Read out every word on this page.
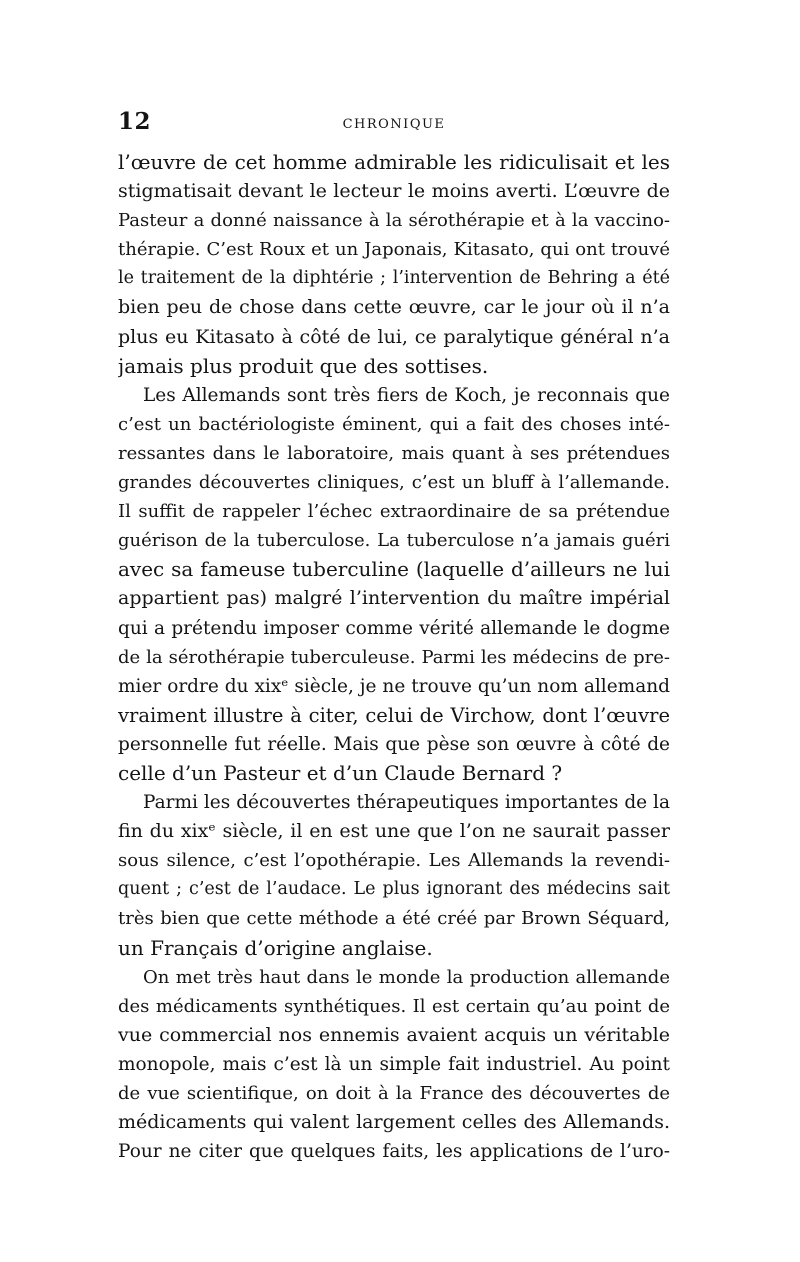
12	CHRONIQUE
l’œuvre de cet homme admirable les ridiculisait et les
stigmatisait devant le lecteur le moins averti. L’œuvre de
Pasteur a donné naissance à la sérothérapie et à la vaccino-
thérapie. C’est Roux et un Japonais, Kitasato, qui ont trouvé
le traitement de la diphtérie ; l’intervention de Behring a été
bien peu de chose dans cette œuvre, car le jour où il n’a
plus eu Kitasato à côté de lui, ce paralytique général n’a
jamais plus produit que des sottises.
Les Allemands sont très fiers de Koch, je reconnais que
c’est un bactériologiste éminent, qui a fait des choses inté-
ressantes dans le laboratoire, mais quant à ses prétendues
grandes découvertes cliniques, c’est un bluff à l’allemande.
Il suffit de rappeler l’échec extraordinaire de sa prétendue
guérison de la tuberculose. La tuberculose n’a jamais guéri
avec sa fameuse tuberculine (laquelle d’ailleurs ne lui
appartient pas) malgré l’intervention du maître impérial
qui a prétendu imposer comme vérité allemande le dogme
de la sérothérapie tuberculeuse. Parmi les médecins de pre-
mier ordre du xixᵉ siècle, je ne trouve qu’un nom allemand
vraiment illustre à citer, celui de Virchow, dont l’œuvre
personnelle fut réelle. Mais que pèse son œuvre à côté de
celle d’un Pasteur et d’un Claude Bernard ?
Parmi les découvertes thérapeutiques importantes de la
fin du xixᵉ siècle, il en est une que l’on ne saurait passer
sous silence, c’est l’opothérapie. Les Allemands la revendi-
quent ; c’est de l’audace. Le plus ignorant des médecins sait
très bien que cette méthode a été créé par Brown Séquard,
un Français d’origine anglaise.
On met très haut dans le monde la production allemande
des médicaments synthétiques. Il est certain qu’au point de
vue commercial nos ennemis avaient acquis un véritable
monopole, mais c’est là un simple fait industriel. Au point
de vue scientifique, on doit à la France des découvertes de
médicaments qui valent largement celles des Allemands.
Pour ne citer que quelques faits, les applications de l’uro-
